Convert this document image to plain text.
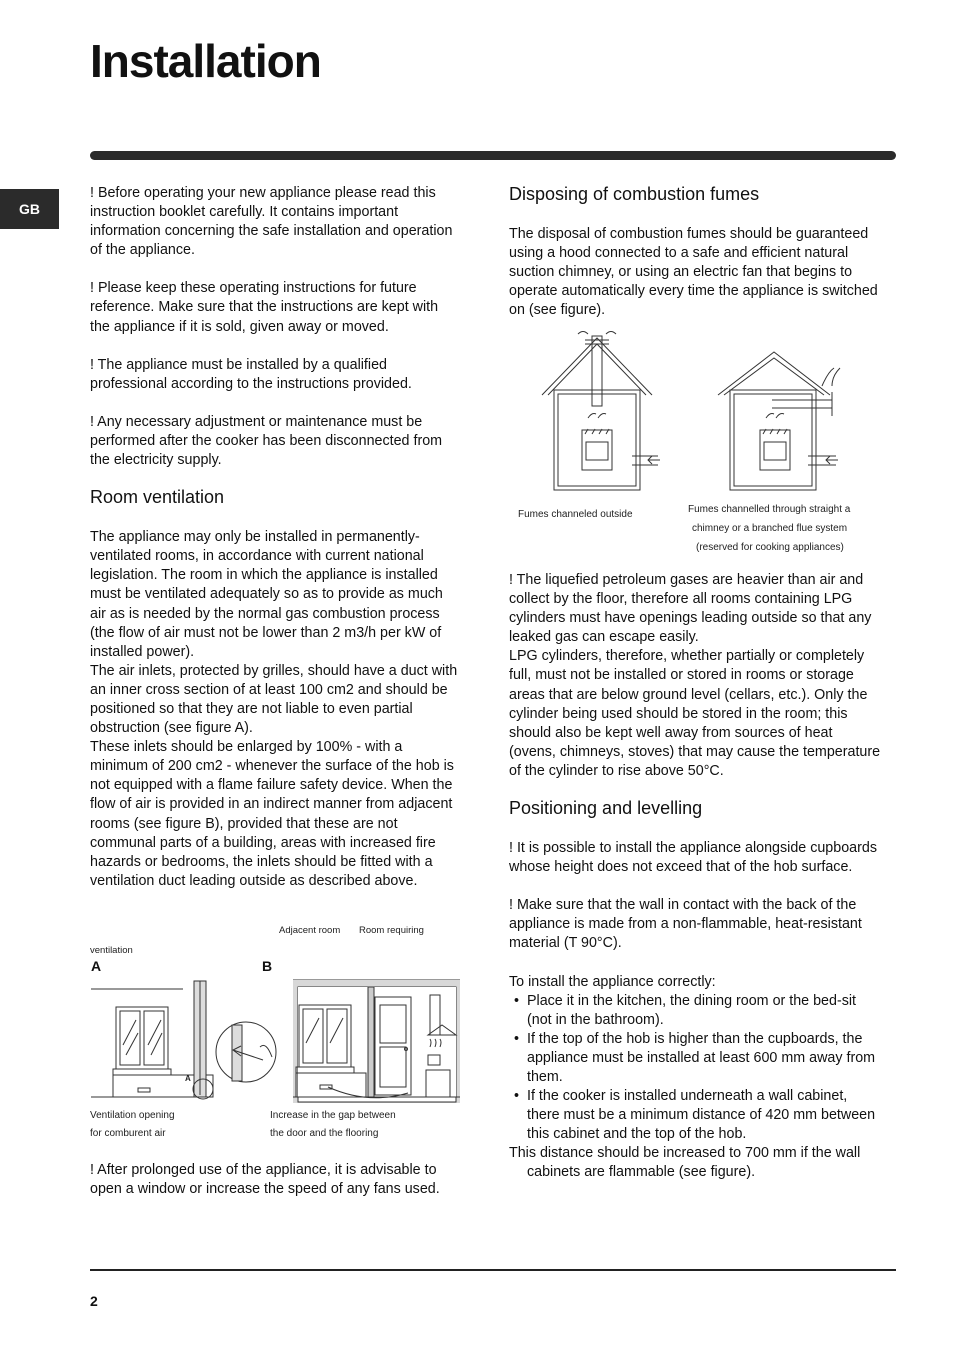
Installation
GB

! Before operating your new appliance please read this instruction booklet carefully. It contains important information concerning the safe installation and operation of the appliance.

! Please keep these operating instructions for future reference. Make sure that the instructions are kept with the appliance if it is sold, given away or moved.

! The appliance must be installed by a qualified professional according to the instructions provided.

! Any necessary adjustment or maintenance must be performed after the cooker has been disconnected from the electricity supply.

Room ventilation

The appliance may only be installed in permanently-ventilated rooms, in accordance with current national legislation. The room in which the appliance is installed must be ventilated adequately so as to provide as much air as is needed by the normal gas combustion process (the flow of air must not be lower than 2 m3/h per kW of installed power).

The air inlets, protected by grilles, should have a duct with an inner cross section of at least 100 cm2 and should be positioned so that they are not liable to even partial obstruction (see figure A).

These inlets should be enlarged by 100% - with a minimum of 200 cm2 - whenever the surface of the hob is not equipped with a flame failure safety device. When the flow of air is provided in an indirect manner from adjacent rooms (see figure B), provided that these are not communal parts of a building, areas with increased fire hazards or bedrooms, the inlets should be fitted with a ventilation duct leading outside as described above.

Adjacent room Room requiring
ventilation
A	B
A
Ventilation opening
for comburent air
Increase in the gap between
the door and the flooring

! After prolonged use of the appliance, it is advisable to open a window or increase the speed of any fans used.

Disposing of combustion fumes

The disposal of combustion fumes should be guaranteed using a hood connected to a safe and efficient natural suction chimney, or using an electric fan that begins to operate automatically every time the appliance is switched on (see figure).

Fumes channeled outside	Fumes channelled through straight a
chimney or a branched flue system
(reserved for cooking appliances)

! The liquefied petroleum gases are heavier than air and collect by the floor, therefore all rooms containing LPG cylinders must have openings leading outside so that any leaked gas can escape easily.

LPG cylinders, therefore, whether partially or completely full, must not be installed or stored in rooms or storage areas that are below ground level (cellars, etc.). Only the cylinder being used should be stored in the room; this should also be kept well away from sources of heat (ovens, chimneys, stoves) that may cause the temperature of the cylinder to rise above 50°C.

Positioning and levelling

! It is possible to install the appliance alongside cupboards whose height does not exceed that of the hob surface.

! Make sure that the wall in contact with the back of the appliance is made from a non-flammable, heat-resistant material (T 90°C).

To install the appliance correctly:

• Place it in the kitchen, the dining room or the bed-sit (not in the bathroom).
• If the top of the hob is higher than the cupboards, the appliance must be installed at least 600 mm away from them.
• If the cooker is installed underneath a wall cabinet, there must be a minimum distance of 420 mm between this cabinet and the top of the hob.

This distance should be increased to 700 mm if the wall cabinets are flammable (see figure).

2
